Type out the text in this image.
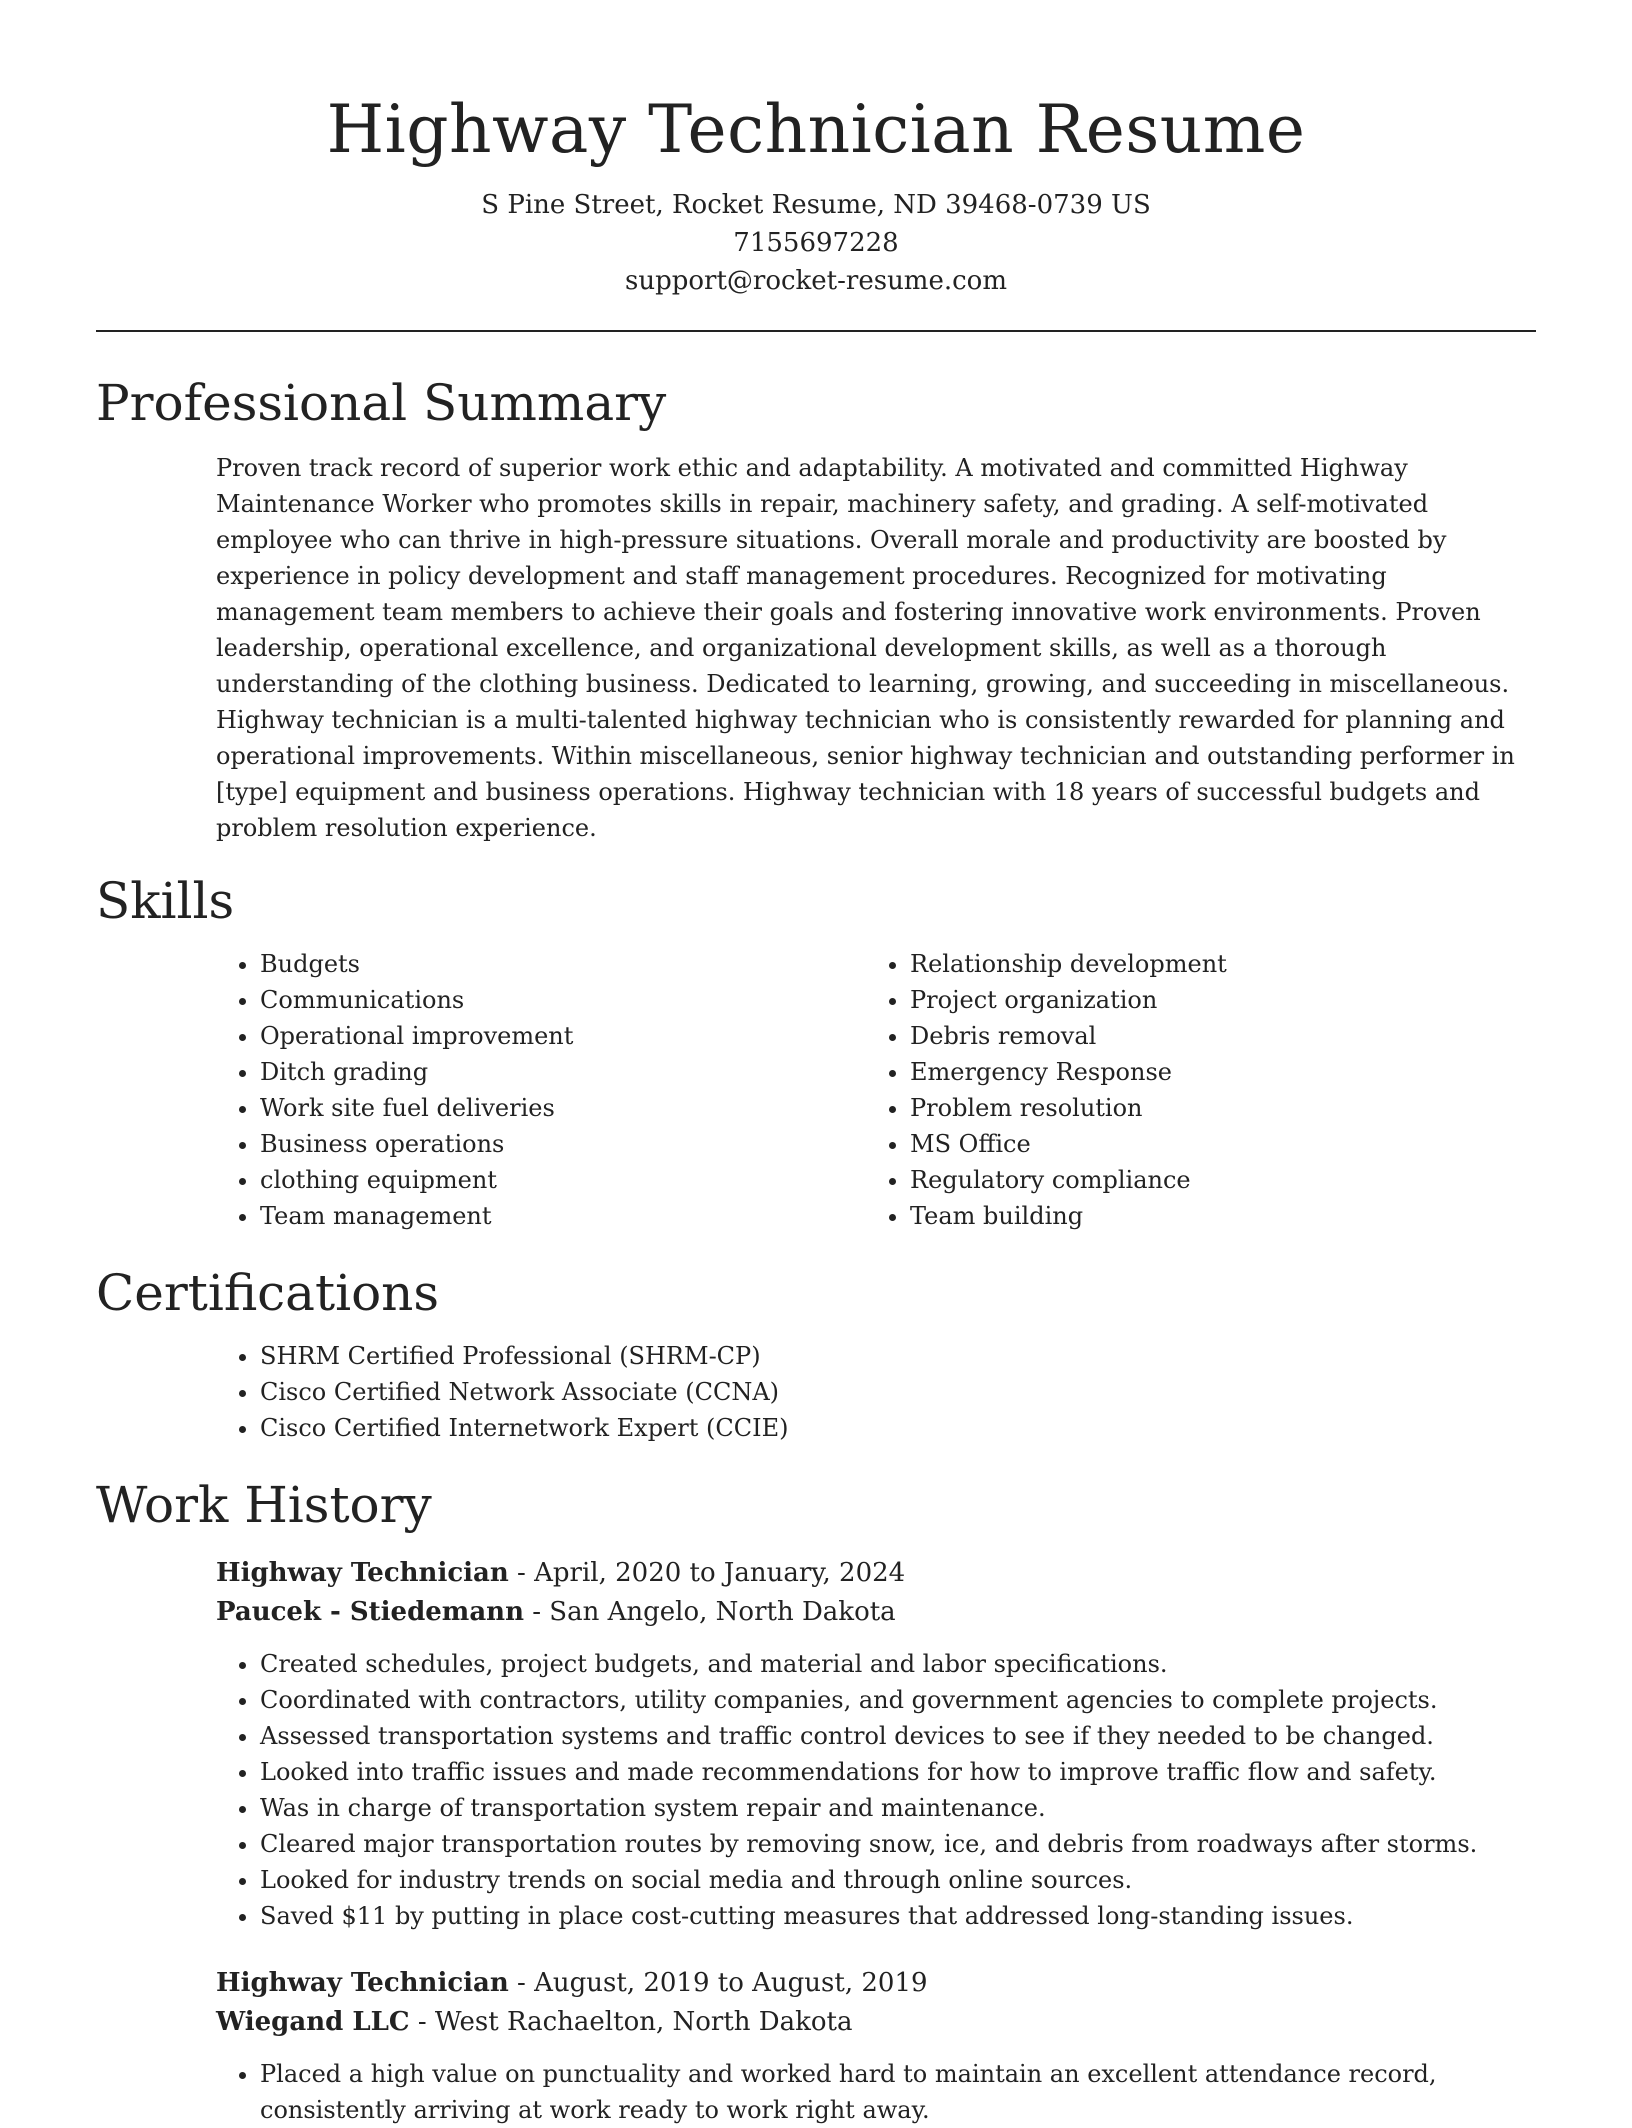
Highway Technician Resume
S Pine Street, Rocket Resume, ND 39468-0739 US
7155697228
support@rocket-resume.com
Professional Summary

Proven track record of superior work ethic and adaptability. A motivated and committed Highway Maintenance Worker who promotes skills in repair, machinery safety, and grading. A self-motivated employee who can thrive in high-pressure situations. Overall morale and productivity are boosted by experience in policy development and staff management procedures. Recognized for motivating management team members to achieve their goals and fostering innovative work environments. Proven leadership, operational excellence, and organizational development skills, as well as a thorough understanding of the clothing business. Dedicated to learning, growing, and succeeding in miscellaneous. Highway technician is a multi-talented highway technician who is consistently rewarded for planning and operational improvements. Within miscellaneous, senior highway technician and outstanding performer in [type] equipment and business operations. Highway technician with 18 years of successful budgets and problem resolution experience.

Skills
• Budgets
• Communications
• Operational improvement
• Ditch grading
• Work site fuel deliveries
• Business operations
• clothing equipment
• Team management
• Relationship development
• Project organization
• Debris removal
• Emergency Response
• Problem resolution
• MS Office
• Regulatory compliance
• Team building
Certifications
• SHRM Certified Professional (SHRM-CP)
• Cisco Certified Network Associate (CCNA)
• Cisco Certified Internetwork Expert (CCIE)
Work History
Highway Technician - April, 2020 to January, 2024
Paucek - Stiedemann - San Angelo, North Dakota
• Created schedules, project budgets, and material and labor specifications.
• Coordinated with contractors, utility companies, and government agencies to complete projects.
• Assessed transportation systems and traffic control devices to see if they needed to be changed.
• Looked into traffic issues and made recommendations for how to improve traffic flow and safety.
• Was in charge of transportation system repair and maintenance.
• Cleared major transportation routes by removing snow, ice, and debris from roadways after storms.
• Looked for industry trends on social media and through online sources.
• Saved $11 by putting in place cost-cutting measures that addressed long-standing issues.
Highway Technician - August, 2019 to August, 2019
Wiegand LLC - West Rachaelton, North Dakota
• Placed a high value on punctuality and worked hard to maintain an excellent attendance record, consistently arriving at work ready to work right away.
